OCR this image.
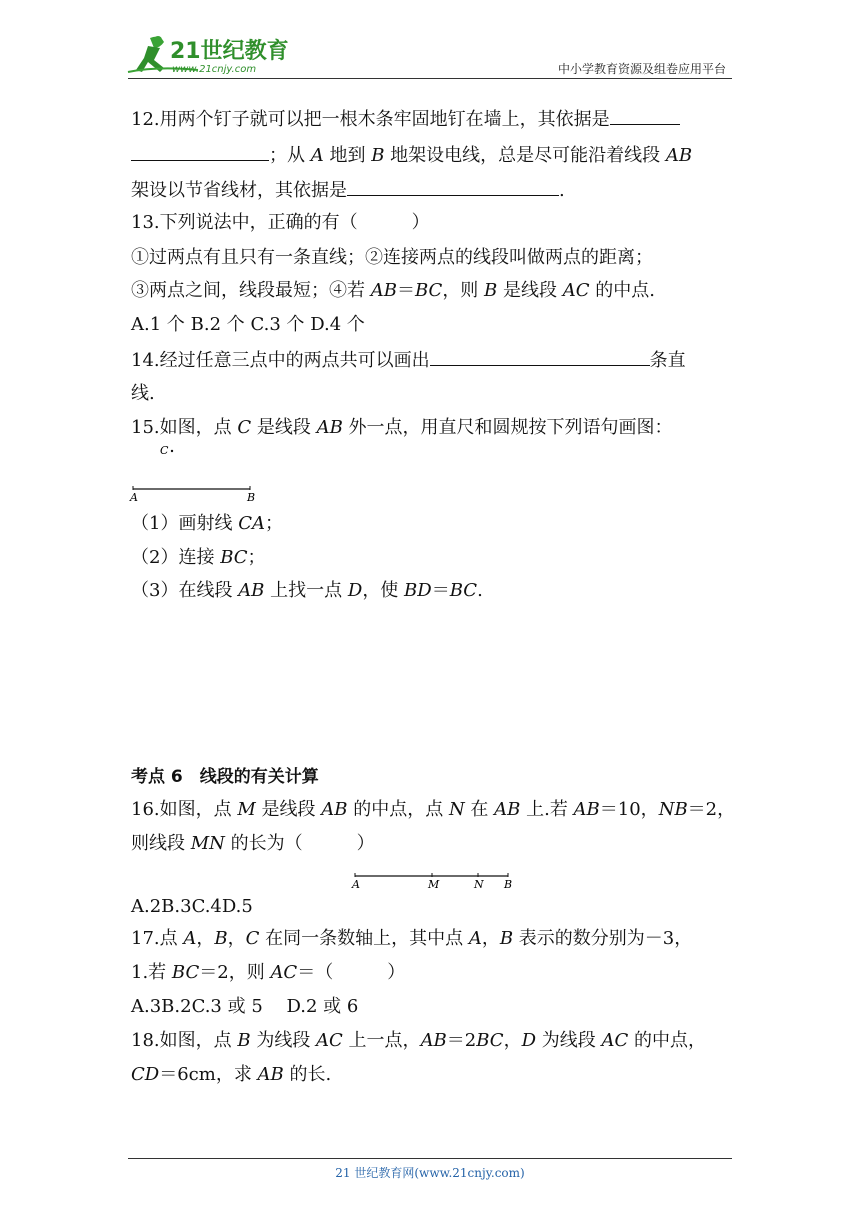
21世纪教育
www.21cnjy.com	中小学教育资源及组卷应用平台
12.用两个钉子就可以把一根木条牢固地钉在墙上，其依据是
；从 A 地到 B 地架设电线，总是尽可能沿着线段 AB
架设以节省线材，其依据是	.
13.下列说法中，正确的有（　　　）
①过两点有且只有一条直线；②连接两点的线段叫做两点的距离；
③两点之间，线段最短；④若 AB＝BC，则 B 是线段 AC 的中点.
A.1 个 B.2 个 C.3 个 D.4 个
14.经过任意三点中的两点共可以画出	条直
线.
15.如图，点 C 是线段 AB 外一点，用直尺和圆规按下列语句画图：
C
A	B
（1）画射线 CA；
（2）连接 BC；
（3）在线段 AB 上找一点 D，使 BD＝BC.
考点 6　线段的有关计算
16.如图，点 M 是线段 AB 的中点，点 N 在 AB 上.若 AB＝10，NB＝2，
则线段 MN 的长为（　　　）
A	M	N B
A.2B.3C.4D.5
17.点 A，B，C 在同一条数轴上，其中点 A，B 表示的数分别为－3，
1.若 BC＝2，则 AC＝（　　　）
A.3B.2C.3 或 5　 D.2 或 6
18.如图，点 B 为线段 AC 上一点，AB＝2BC，D 为线段 AC 的中点，
CD＝6cm，求 AB 的长.
21 世纪教育网(www.21cnjy.com)
